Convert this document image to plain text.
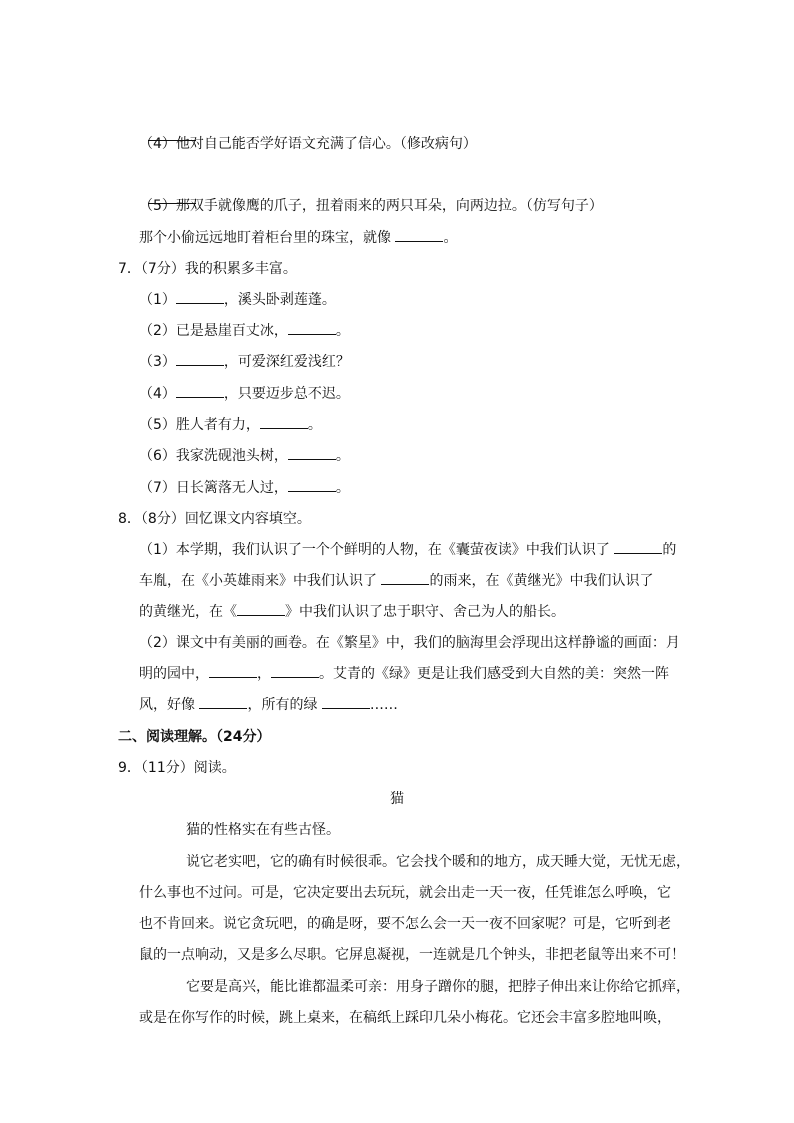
（4）他对自己能否学好语文充满了信心。（修改病句）

（5）那双手就像鹰的爪子，扭着雨来的两只耳朵，向两边拉。（仿写句子）
那个小偷远远地盯着柜台里的珠宝，就像	。
7．（7分）我的积累多丰富。
（1）	，溪头卧剥莲蓬。
（2）已是悬崖百丈冰，	。
（3）	，可爱深红爱浅红？
（4）	，只要迈步总不迟。
（5）胜人者有力，	。
（6）我家洗砚池头树，	。
（7）日长篱落无人过，	。
8．（8分）回忆课文内容填空。
（1）本学期，我们认识了一个个鲜明的人物，在《囊萤夜读》中我们认识了	的
车胤，在《小英雄雨来》中我们认识了	的雨来，在《黄继光》中我们认识了
的黄继光，在《	》中我们认识了忠于职守、舍己为人的船长。
（2）课文中有美丽的画卷。在《繁星》中，我们的脑海里会浮现出这样静谧的画面：月
明的园中，	，	。艾青的《绿》更是让我们感受到大自然的美：突然一阵
风，好像	，所有的绿	……
二、阅读理解。（24分）
9．（11分）阅读。
猫
猫的性格实在有些古怪。
说它老实吧，它的确有时候很乖。它会找个暖和的地方，成天睡大觉，无忧无虑，
什么事也不过问。可是，它决定要出去玩玩，就会出走一天一夜，任凭谁怎么呼唤，它
也不肯回来。说它贪玩吧，的确是呀，要不怎么会一天一夜不回家呢？可是，它听到老
鼠的一点响动，又是多么尽职。它屏息凝视，一连就是几个钟头，非把老鼠等出来不可！
它要是高兴，能比谁都温柔可亲：用身子蹭你的腿，把脖子伸出来让你给它抓痒，
或是在你写作的时候，跳上桌来，在稿纸上踩印几朵小梅花。它还会丰富多腔地叫唤，
